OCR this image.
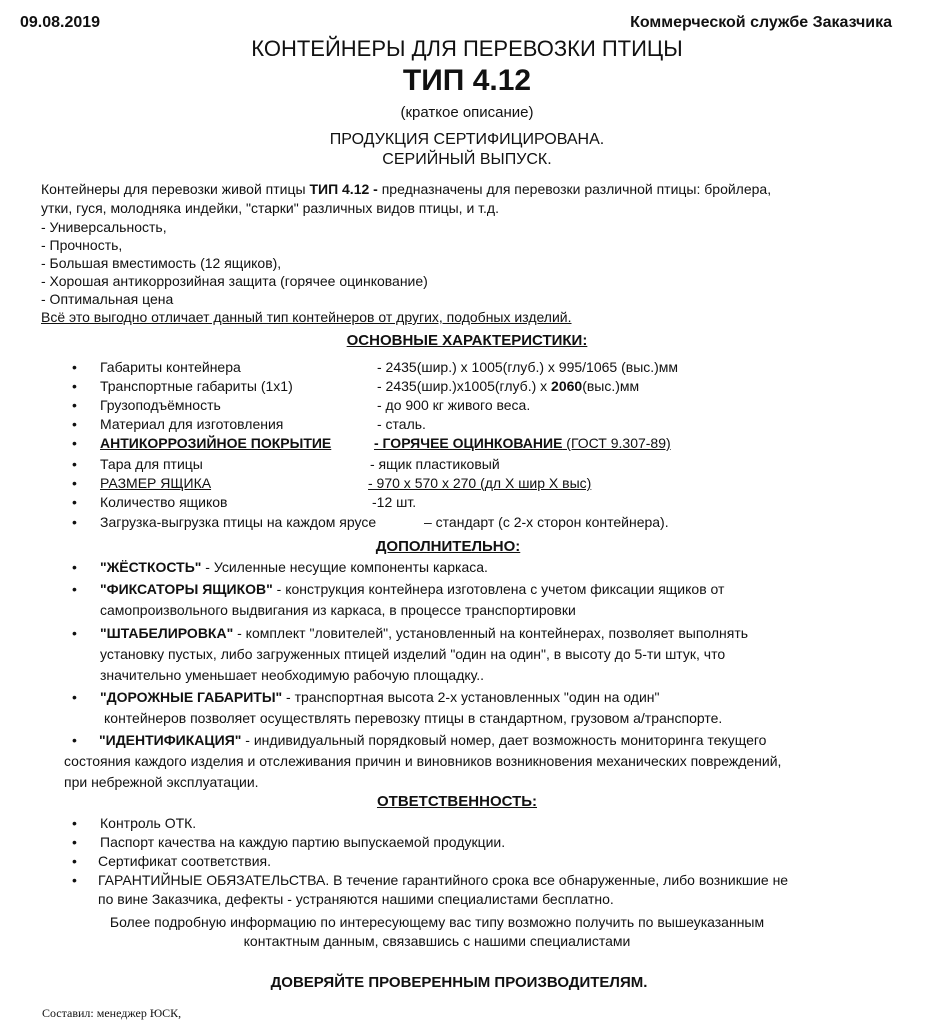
09.08.2019	Коммерческой службе Заказчика
КОНТЕЙНЕРЫ ДЛЯ ПЕРЕВОЗКИ ПТИЦЫ
ТИП 4.12
(краткое описание)
ПРОДУКЦИЯ СЕРТИФИЦИРОВАНА.
СЕРИЙНЫЙ ВЫПУСК.
Контейнеры для перевозки живой птицы ТИП 4.12 - предназначены для перевозки различной птицы: бройлера,
утки, гуся, молодняка индейки, "старки" различных видов птицы, и т.д.
- Универсальность,
- Прочность,
- Большая вместимость (12 ящиков),
- Хорошая антикоррозийная защита (горячее оцинкование)
- Оптимальная цена
Всё это выгодно отличает данный тип контейнеров от других, подобных изделий.
ОСНОВНЫЕ ХАРАКТЕРИСТИКИ:
• Габариты контейнера	- 2435(шир.) х 1005(глуб.) х 995/1065 (выс.)мм
• Транспортные габариты (1х1)	- 2435(шир.)х1005(глуб.) х 2060(выс.)мм
• Грузоподъёмность	- до 900 кг живого веса.
• Материал для изготовления	- сталь.
• АНТИКОРРОЗИЙНОЕ ПОКРЫТИЕ	- ГОРЯЧЕЕ ОЦИНКОВАНИЕ (ГОСТ 9.307-89)
• Тара для птицы	- ящик пластиковый
• РАЗМЕР ЯЩИКА	- 970 х 570 х 270 (дл Х шир Х выс)
• Количество ящиков	-12 шт.
• Загрузка-выгрузка птицы на каждом ярусе	– стандарт (с 2-х сторон контейнера).
ДОПОЛНИТЕЛЬНО:
• "ЖЁСТКОСТЬ" - Усиленные несущие компоненты каркаса.
• "ФИКСАТОРЫ ЯЩИКОВ" - конструкция контейнера изготовлена с учетом фиксации ящиков от
самопроизвольного выдвигания из каркаса, в процессе транспортировки
• "ШТАБЕЛИРОВКА" - комплект "ловителей", установленный на контейнерах, позволяет выполнять
установку пустых, либо загруженных птицей изделий "один на один", в высоту до 5-ти штук, что
значительно уменьшает необходимую рабочую площадку..
• "ДОРОЖНЫЕ ГАБАРИТЫ" - транспортная высота 2-х установленных "один на один"
контейнеров позволяет осуществлять перевозку птицы в стандартном, грузовом а/транспорте.
• "ИДЕНТИФИКАЦИЯ" - индивидуальный порядковый номер, дает возможность мониторинга текущего
состояния каждого изделия и отслеживания причин и виновников возникновения механических повреждений,
при небрежной эксплуатации.
ОТВЕТСТВЕННОСТЬ:
• Контроль ОТК.
• Паспорт качества на каждую партию выпускаемой продукции.
• Сертификат соответствия.
• ГАРАНТИЙНЫЕ ОБЯЗАТЕЛЬСТВА. В течение гарантийного срока все обнаруженные, либо возникшие не
по вине Заказчика, дефекты - устраняются нашими специалистами бесплатно.
Более подробную информацию по интересующему вас типу возможно получить по вышеуказанным
контактным данным, связавшись с нашими специалистами
ДОВЕРЯЙТЕ ПРОВЕРЕННЫМ ПРОИЗВОДИТЕЛЯМ.
Составил: менеджер ЮСК,
